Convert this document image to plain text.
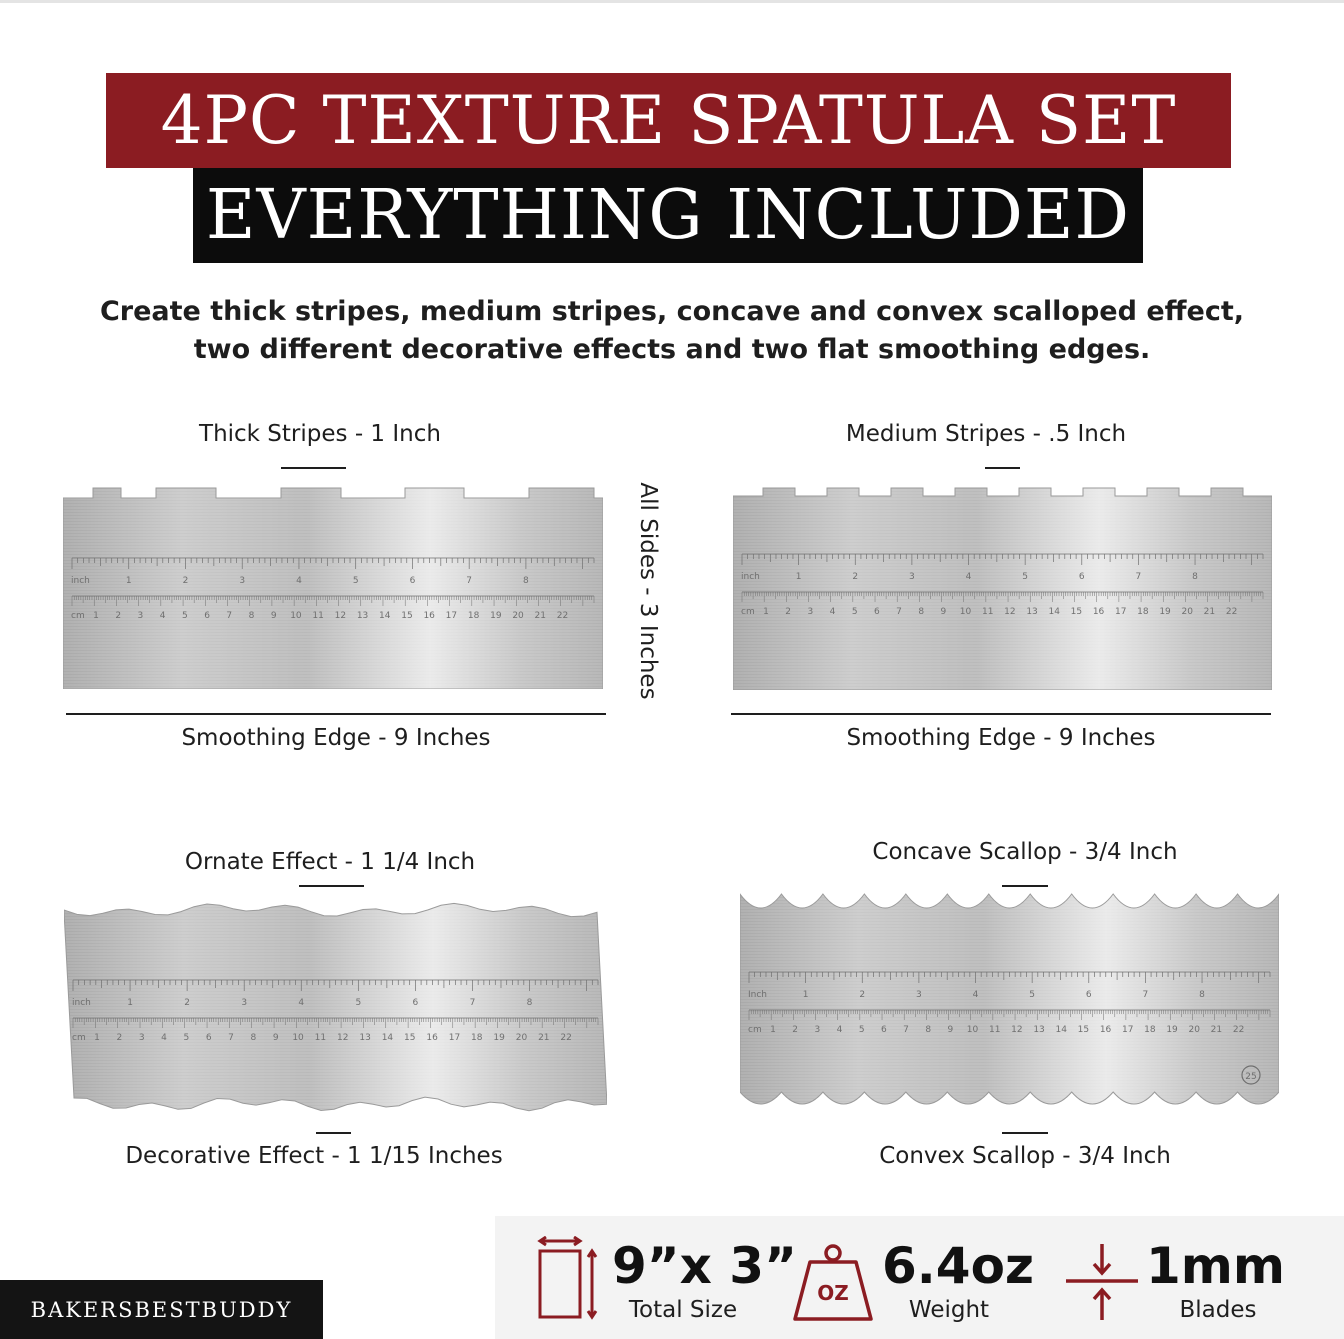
4PC TEXTURE SPATULA SET
EVERYTHING INCLUDED
Create thick stripes, medium stripes, concave and convex scalloped effect,
two different decorative effects and two flat smoothing edges.
Thick Stripes - 1 Inch
inch	1	2	3	4	5	6	7	8
cm 1 2 3 4 5 6 7 8 9 10 11 12 13 14 15 16 17 18 19 20 21 22
Smoothing Edge - 9 Inches
All Sides - 3 Inches
Medium Stripes - .5 Inch
inch	1	2	3	4	5	6	7	8
cm 1 2 3 4 5 6 7 8 9 10 11 12 13 14 15 16 17 18 19 20 21 22
Smoothing Edge - 9 Inches
Ornate Effect - 1 1/4 Inch
inch	1	2	3	4	5	6	7	8
cm 1 2 3 4 5 6 7 8 9 10 11 12 13 14 15 16 17 18 19 20 21 22
Decorative Effect - 1 1/15 Inches
Concave Scallop - 3/4 Inch
Inch	1	2	3	4	5	6	7	8
cm 1 2 3 4 5 6 7 8 9 10 11 12 13 14 15 16 17 18 19 20 21 22
25
Convex Scallop - 3/4 Inch
9”x 3”
Total Size
OZ 6.4oz
Weight
1mm
Blades
BAKERSBESTBUDDY
